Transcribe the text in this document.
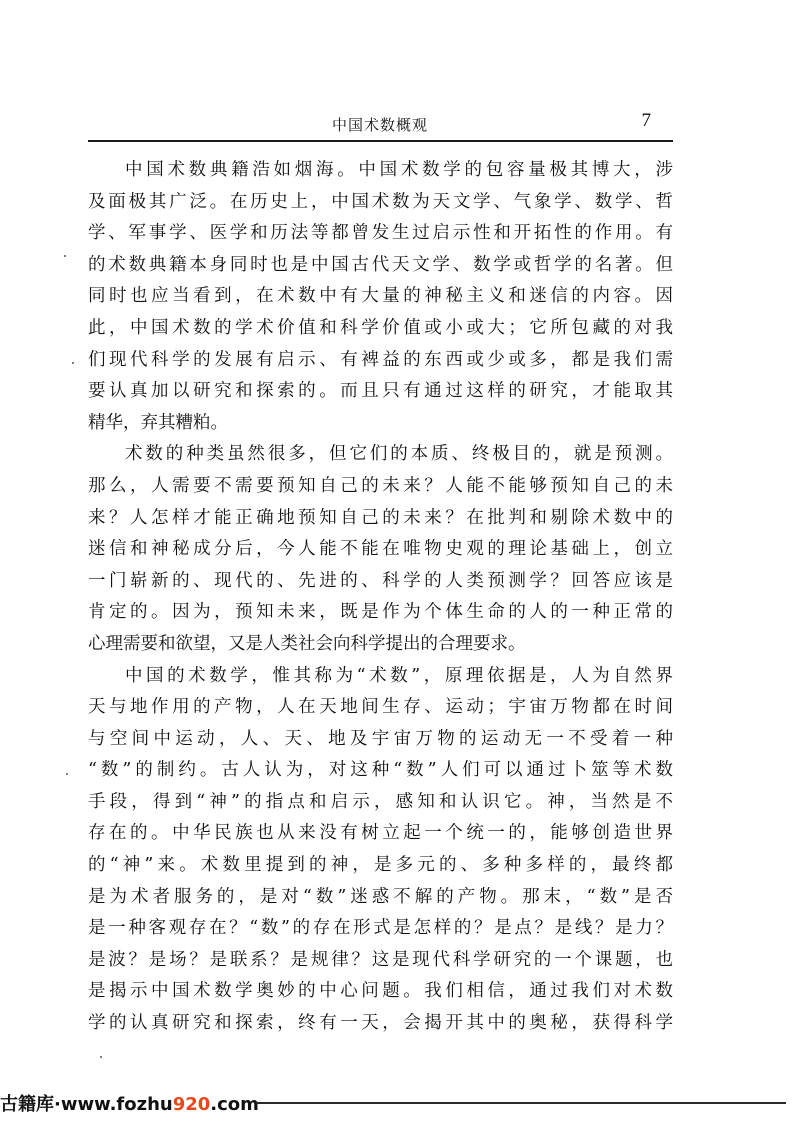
中国术数概观	7
中国术数典籍浩如烟海。中国术数学的包容量极其博大，涉
及面极其广泛。在历史上，中国术数为天文学、气象学、数学、哲
学、军事学、医学和历法等都曾发生过启示性和开拓性的作用。有
的术数典籍本身同时也是中国古代天文学、数学或哲学的名著。但
同时也应当看到，在术数中有大量的神秘主义和迷信的内容。因
此，中国术数的学术价值和科学价值或小或大；它所包藏的对我
们现代科学的发展有启示、有裨益的东西或少或多，都是我们需
要认真加以研究和探索的。而且只有通过这样的研究，才能取其
精华，弃其糟粕。
术数的种类虽然很多，但它们的本质、终极目的，就是预测。
那么，人需要不需要预知自己的未来？人能不能够预知自己的未
来？人怎样才能正确地预知自己的未来？在批判和剔除术数中的
迷信和神秘成分后，今人能不能在唯物史观的理论基础上，创立
一门崭新的、现代的、先进的、科学的人类预测学？回答应该是
肯定的。因为，预知未来，既是作为个体生命的人的一种正常的
心理需要和欲望，又是人类社会向科学提出的合理要求。
中国的术数学，惟其称为“术数”，原理依据是，人为自然界
天与地作用的产物，人在天地间生存、运动；宇宙万物都在时间
与空间中运动，人、天、地及宇宙万物的运动无一不受着一种
“数”的制约。古人认为，对这种“数”人们可以通过卜筮等术数
手段，得到“神”的指点和启示，感知和认识它。神，当然是不
存在的。中华民族也从来没有树立起一个统一的，能够创造世界
的“神”来。术数里提到的神，是多元的、多种多样的，最终都
是为术者服务的，是对“数”迷惑不解的产物。那末，“数”是否
是一种客观存在？“数”的存在形式是怎样的？是点？是线？是力？
是波？是场？是联系？是规律？这是现代科学研究的一个课题，也
是揭示中国术数学奥妙的中心问题。我们相信，通过我们对术数
学的认真研究和探索，终有一天，会揭开其中的奥秘，获得科学
古籍库·www.fozhu920.com
